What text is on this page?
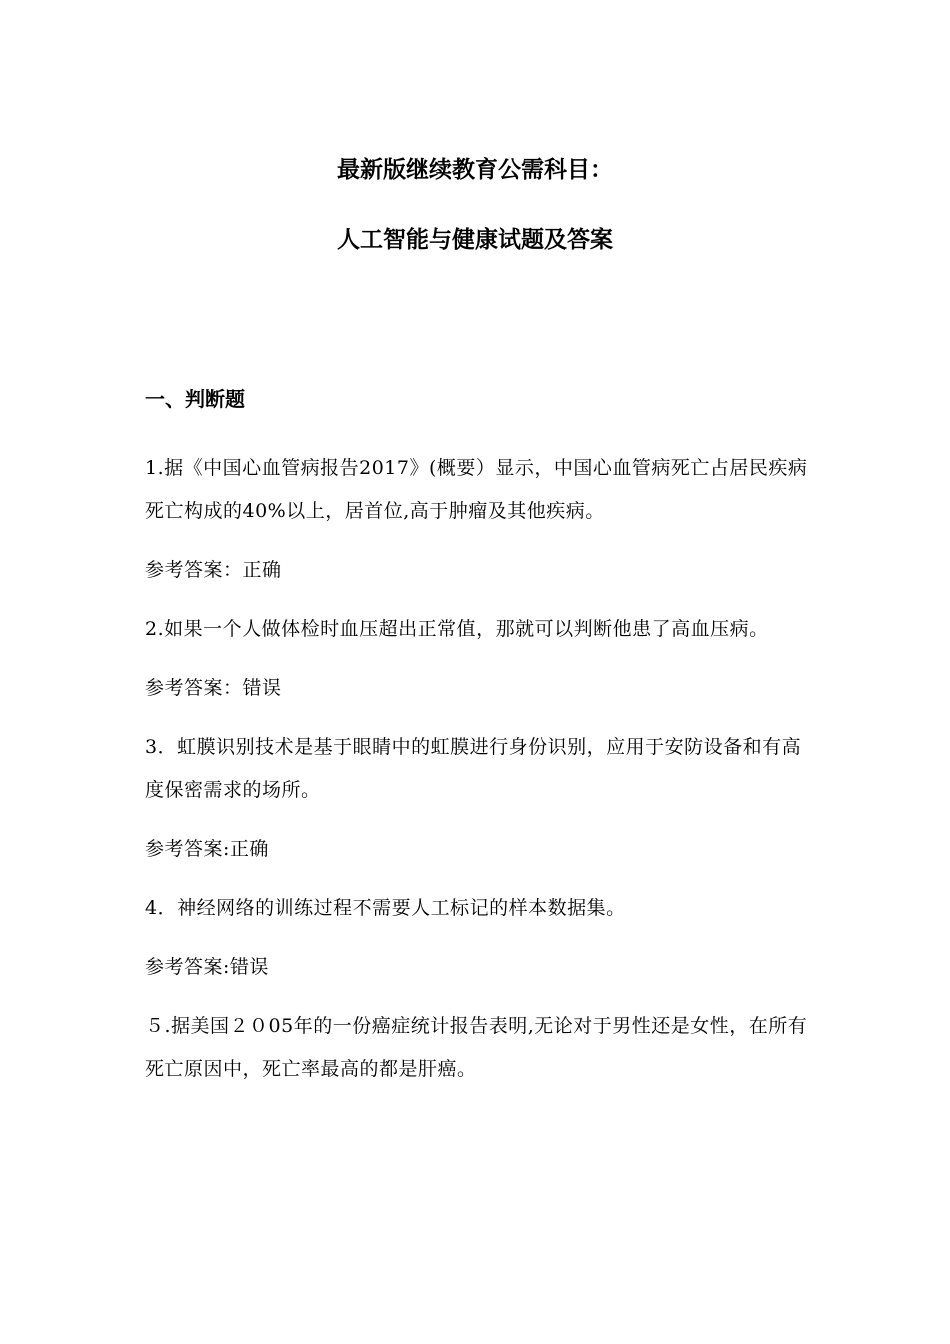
最新版继续教育公需科目：
人工智能与健康试题及答案
一、判断题

1.据《中国心血管病报告2017》(概要）显示，中国心血管病死亡占居民疾病死亡构成的40%以上，居首位,高于肿瘤及其他疾病。

参考答案：正确

2.如果一个人做体检时血压超出正常值，那就可以判断他患了高血压病。

参考答案：错误

3．虹膜识别技术是基于眼睛中的虹膜进行身份识别，应用于安防设备和有高度保密需求的场所。

参考答案:正确

4．神经网络的训练过程不需要人工标记的样本数据集。

参考答案:错误

５.据美国２０05年的一份癌症统计报告表明,无论对于男性还是女性，在所有死亡原因中，死亡率最高的都是肝癌。
